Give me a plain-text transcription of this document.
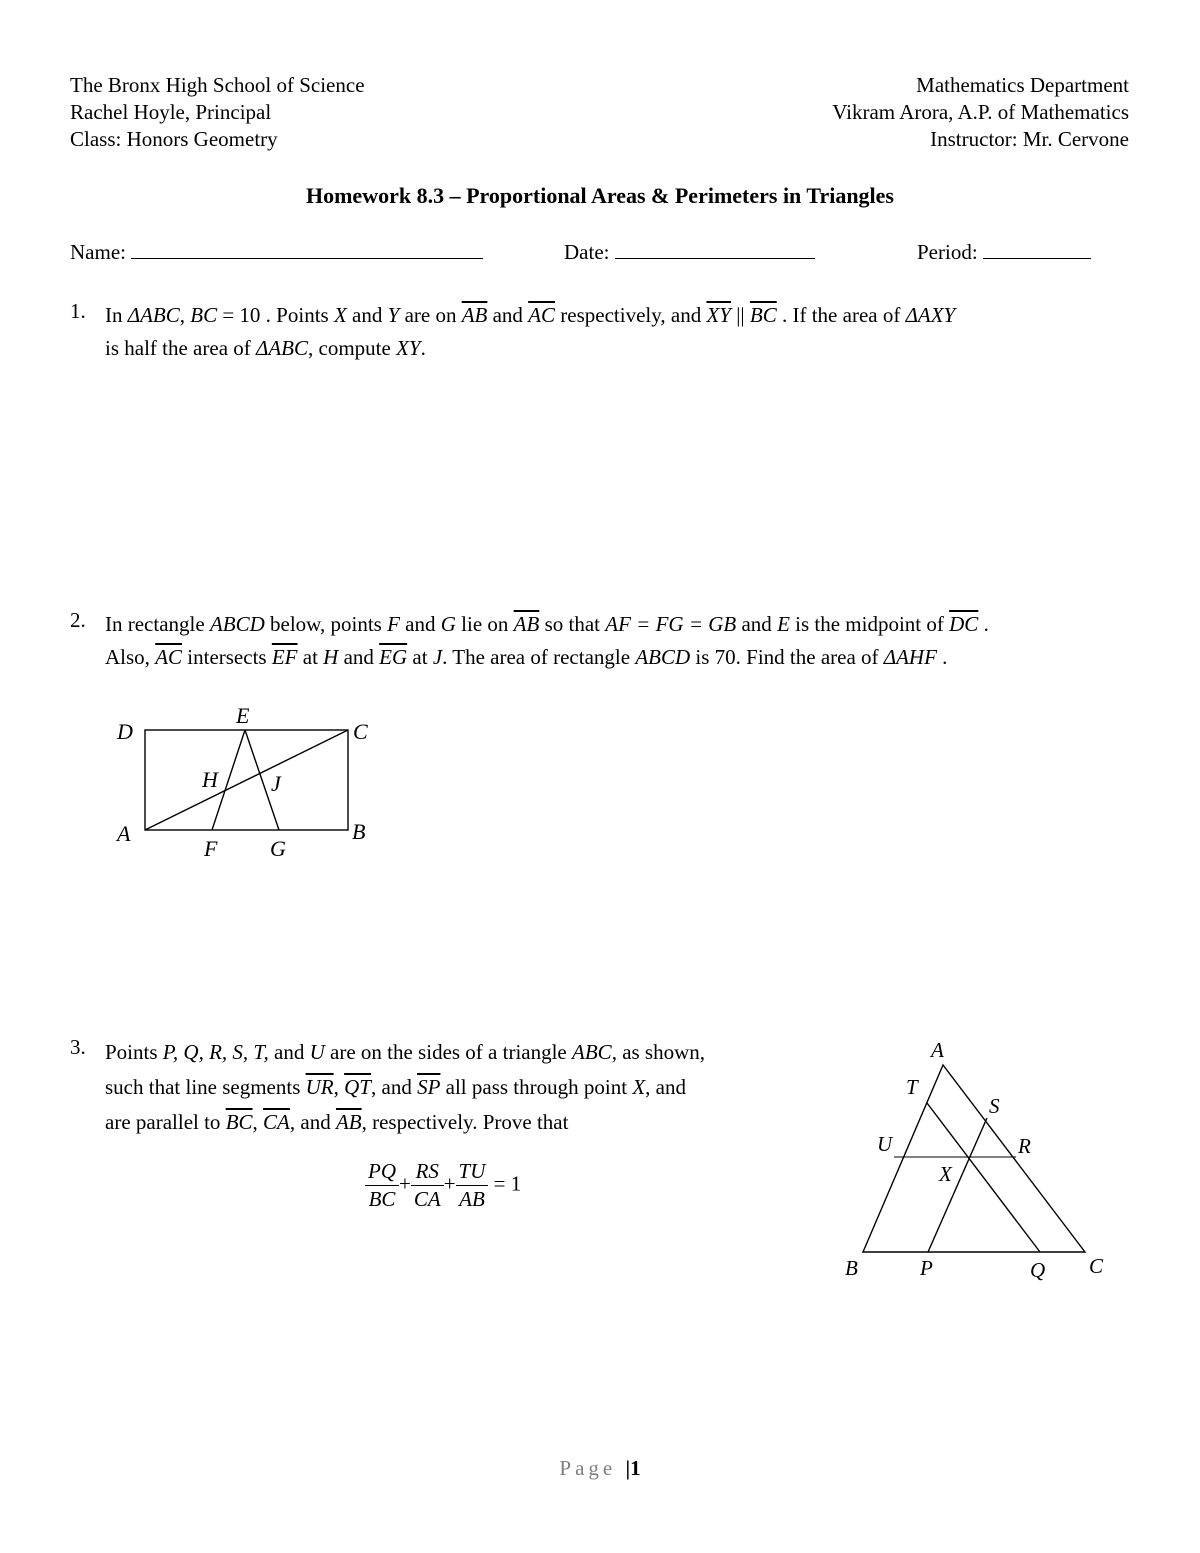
The Bronx High School of Science
Rachel Hoyle, Principal
Class: Honors Geometry
Mathematics Department
Vikram Arora, A.P. of Mathematics
Instructor: Mr. Cervone
Homework 8.3 – Proportional Areas & Perimeters in Triangles
Name:	Date:	Period:
1. In ΔABC, BC = 10 . Points X and Y are on $\overline{AB}$ and $\overline{AC}$ respectively, and $\overline{XY}$ || $\overline{BC}$ . If the area of ΔAXY
is half the area of ΔABC, compute XY.
2. In rectangle ABCD below, points F and G lie on $\overline{AB}$ so that AF = FG = GB and E is the midpoint of $\overline{DC}$ .
Also, $\overline{AC}$ intersects $\overline{EF}$ at H and $\overline{EG}$ at J. The area of rectangle ABCD is 70. Find the area of ΔAHF .
D
E
C
H J
A	B
F G
3. Points P, Q, R, S, T, and U are on the sides of a triangle ABC, as shown,
such that line segments $\overline{UR}$, $\overline{QT}$, and $\overline{SP}$ all pass through point X, and
are parallel to $\overline{BC}$, $\overline{CA}$, and $\overline{AB}$, respectively. Prove that
$\frac{PQ}{BC} + \frac{RS}{CA} + \frac{TU}{AB} = 1$
A
T
S
U	R
X
B	P	Q C
Page |1
